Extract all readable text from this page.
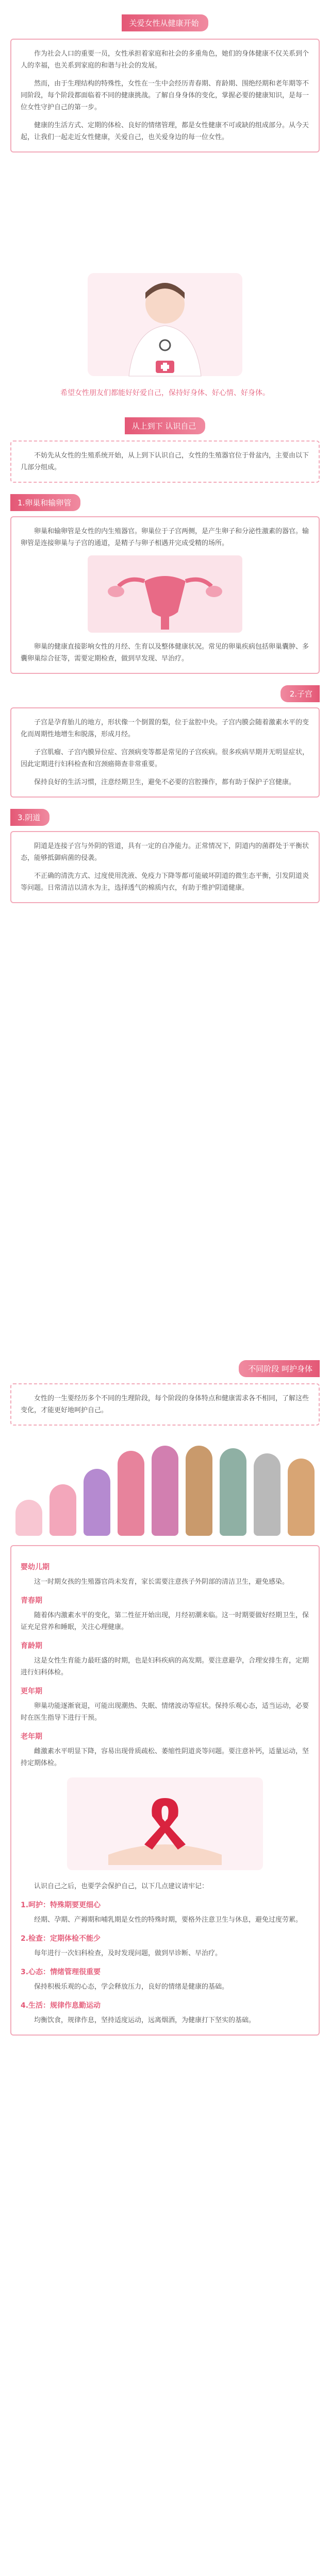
关爱女性从健康开始

作为社会人口的重要一员，女性承担着家庭和社会的多重角色，她们的身体健康不仅关系到个人的幸福，也关系到家庭的和谐与社会的发展。

然而，由于生理结构的特殊性，女性在一生中会经历青春期、育龄期、围绝经期和老年期等不同阶段，每个阶段都面临着不同的健康挑战。了解自身身体的变化，掌握必要的健康知识，是每一位女性守护自己的第一步。

健康的生活方式、定期的体检、良好的情绪管理，都是女性健康不可或缺的组成部分。从今天起，让我们一起走近女性健康，关爱自己，也关爱身边的每一位女性。

希望女性朋友们都能好好爱自己，保持好身体、好心情、好身体。
从上到下 认识自己

不妨先从女性的生殖系统开始，从上到下认识自己，女性的生殖器官位于骨盆内，主要由以下几部分组成。

1.卵巢和输卵管

卵巢和输卵管是女性的内生殖器官。卵巢位于子宫两侧，是产生卵子和分泌性激素的器官。输卵管是连接卵巢与子宫的通道，是精子与卵子相遇并完成受精的场所。

卵巢的健康直接影响女性的月经、生育以及整体健康状况。常见的卵巢疾病包括卵巢囊肿、多囊卵巢综合征等，需要定期检查，做到早发现、早治疗。

2.子宫

子宫是孕育胎儿的地方，形状像一个倒置的梨，位于盆腔中央。子宫内膜会随着激素水平的变化而周期性地增生和脱落，形成月经。

子宫肌瘤、子宫内膜异位症、宫颈病变等都是常见的子宫疾病。很多疾病早期并无明显症状，因此定期进行妇科检查和宫颈癌筛查非常重要。

保持良好的生活习惯，注意经期卫生，避免不必要的宫腔操作，都有助于保护子宫健康。

3.阴道

阴道是连接子宫与外阴的管道，具有一定的自净能力。正常情况下，阴道内的菌群处于平衡状态，能够抵御病菌的侵袭。

不正确的清洗方式、过度使用洗液、免疫力下降等都可能破坏阴道的微生态平衡，引发阴道炎等问题。日常清洁以清水为主，选择透气的棉质内衣，有助于维护阴道健康。

不同阶段 呵护身体

女性的一生要经历多个不同的生理阶段，每个阶段的身体特点和健康需求各不相同，了解这些变化，才能更好地呵护自己。

婴幼儿期

这一时期女孩的生殖器官尚未发育，家长需要注意孩子外阴部的清洁卫生，避免感染。

青春期

随着体内激素水平的变化，第二性征开始出现，月经初潮来临。这一时期要做好经期卫生，保证充足营养和睡眠，关注心理健康。

育龄期

这是女性生育能力最旺盛的时期，也是妇科疾病的高发期。要注意避孕，合理安排生育，定期进行妇科体检。

更年期

卵巢功能逐渐衰退，可能出现潮热、失眠、情绪波动等症状。保持乐观心态，适当运动，必要时在医生指导下进行干预。

老年期

雌激素水平明显下降，容易出现骨质疏松、萎缩性阴道炎等问题。要注意补钙，适量运动，坚持定期体检。

认识自己之后，也要学会保护自己，以下几点建议请牢记：

1.呵护：特殊期要更细心

经期、孕期、产褥期和哺乳期是女性的特殊时期，要格外注意卫生与休息，避免过度劳累。

2.检查：定期体检不能少

每年进行一次妇科检查，及时发现问题，做到早诊断、早治疗。

3.心态：情绪管理很重要

保持积极乐观的心态，学会释放压力，良好的情绪是健康的基础。

4.生活：规律作息勤运动

均衡饮食，规律作息，坚持适度运动，远离烟酒，为健康打下坚实的基础。
